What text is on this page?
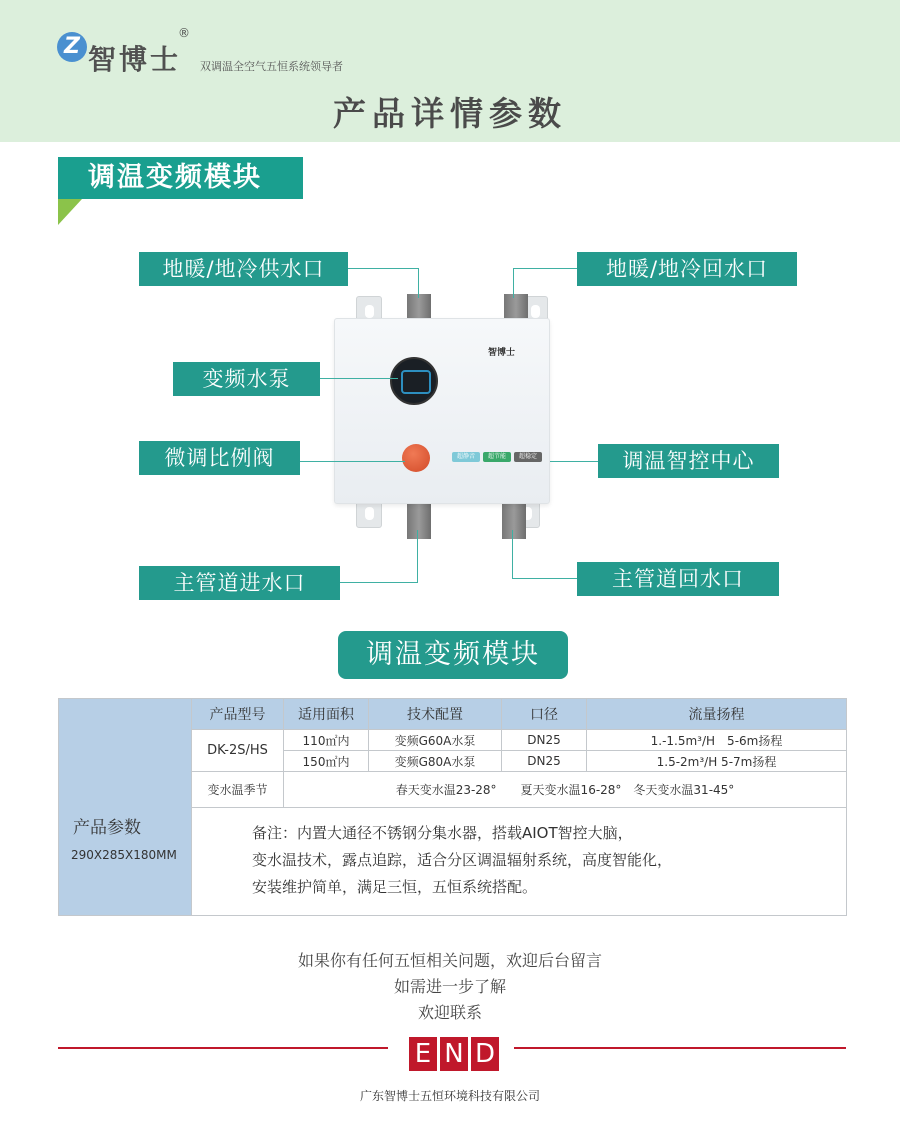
Z 智博士
®
双调温全空气五恒系统领导者
产品详情参数
调温变频模块
智博士
超静音	超节能	超稳定
地暖/地冷供水口	地暖/地冷回水口
变频水泵
微调比例阀	调温智控中心
主管道进水口	主管道回水口
调温变频模块
产品参数
290X285X180MM	产品型号	适用面积	技术配置	口径	流量扬程
	DK-2S/HS	110㎡内	变频G60A水泵	DN25	1.-1.5m³/H　5-6m扬程
		150㎡内	变频G80A水泵	DN25	1.5-2m³/H 5-7m扬程
	变水温季节	春天变水温23-28°　　夏天变水温16-28°　冬天变水温31-45°			

	备注：内置大通径不锈钢分集水器，搭载AIOT智控大脑，
变水温技术，露点追踪，适合分区调温辐射系统，高度智能化，
安装维护简单，满足三恒，五恒系统搭配。				
如果你有任何五恒相关问题，欢迎后台留言
如需进一步了解
欢迎联系
E N D
广东智博士五恒环境科技有限公司
